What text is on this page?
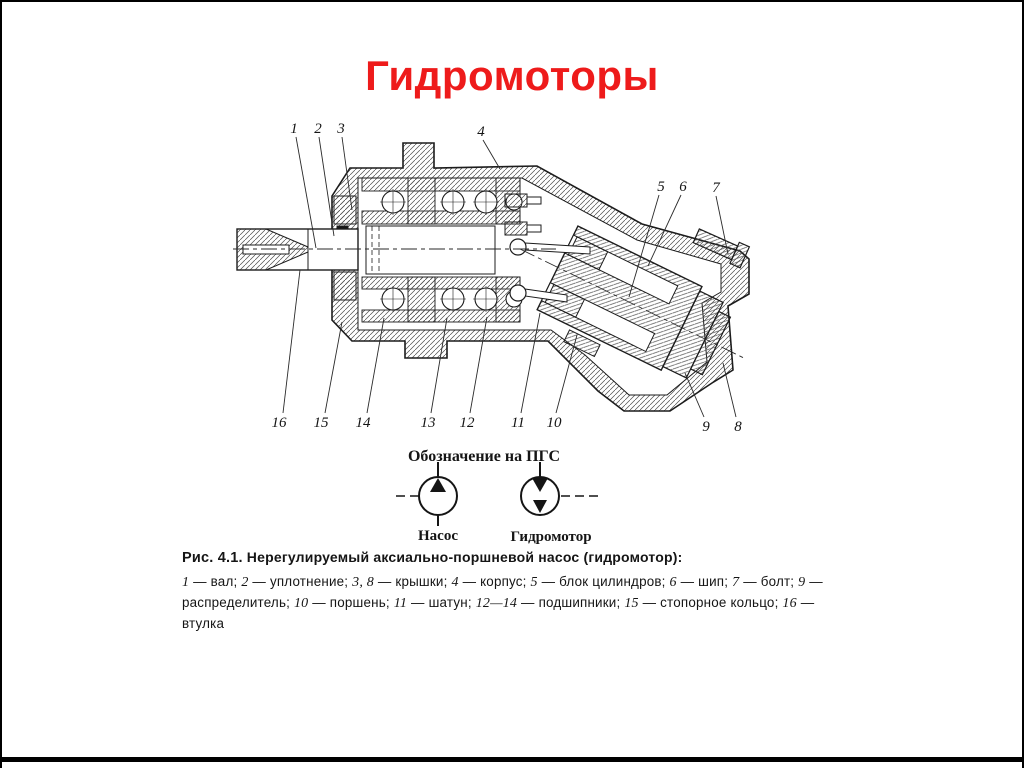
Гидромоторы
1 2 3	4
5 6 7
8
9
10
11
12
13
14
15
16
Обозначение на ПГС
Насос	Гидромотор
Рис. 4.1. Нерегулируемый аксиально-поршневой насос (гидромотор):
1 — вал; 2 — уплотнение; 3, 8 — крышки; 4 — корпус; 5 — блок цилиндров; 6 — шип; 7 — болт; 9 — распределитель; 10 — поршень; 11 — шатун; 12—14 — подшипники; 15 — стопорное кольцо; 16 — втулка
